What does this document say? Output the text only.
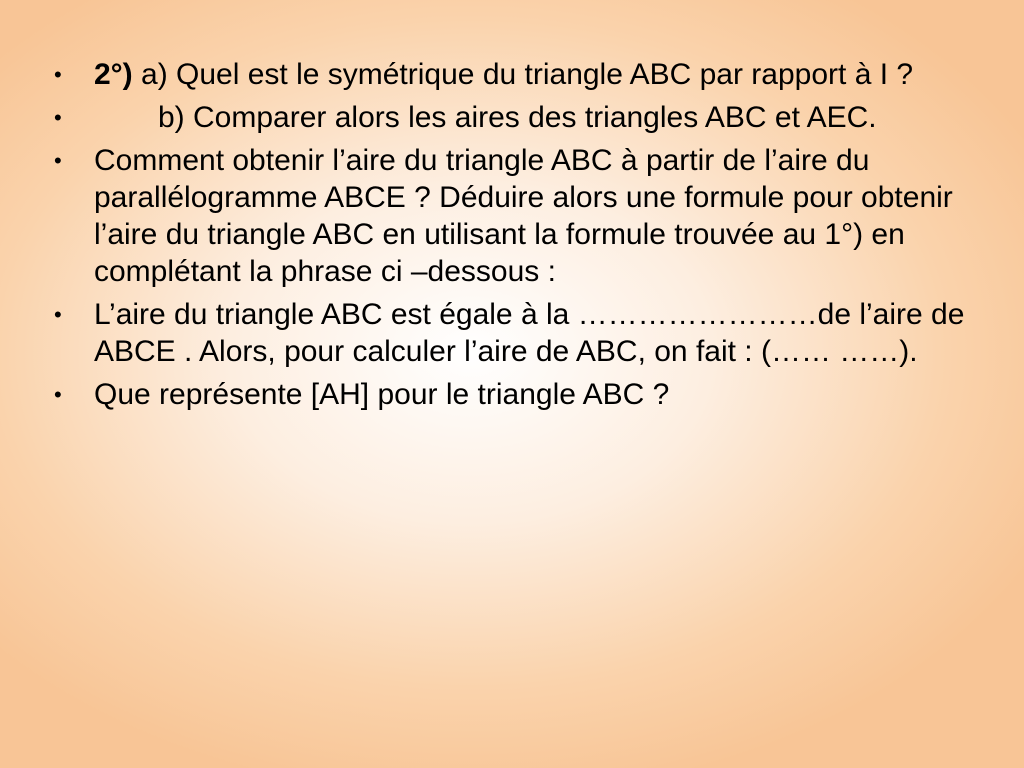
• 2°) a) Quel est le symétrique du triangle ABC par rapport à I ?
•	b) Comparer alors les aires des triangles ABC et AEC.
• Comment obtenir l’aire du triangle ABC à partir de l’aire du parallélogramme ABCE ? Déduire alors une formule pour obtenir l’aire du triangle ABC en utilisant la formule trouvée au 1°) en complétant la phrase ci –dessous :
• L’aire du triangle ABC est égale à la ……………………de l’aire de ABCE . Alors, pour calculer l’aire de ABC, on fait : (…… ……).
• Que représente [AH] pour le triangle ABC ?
